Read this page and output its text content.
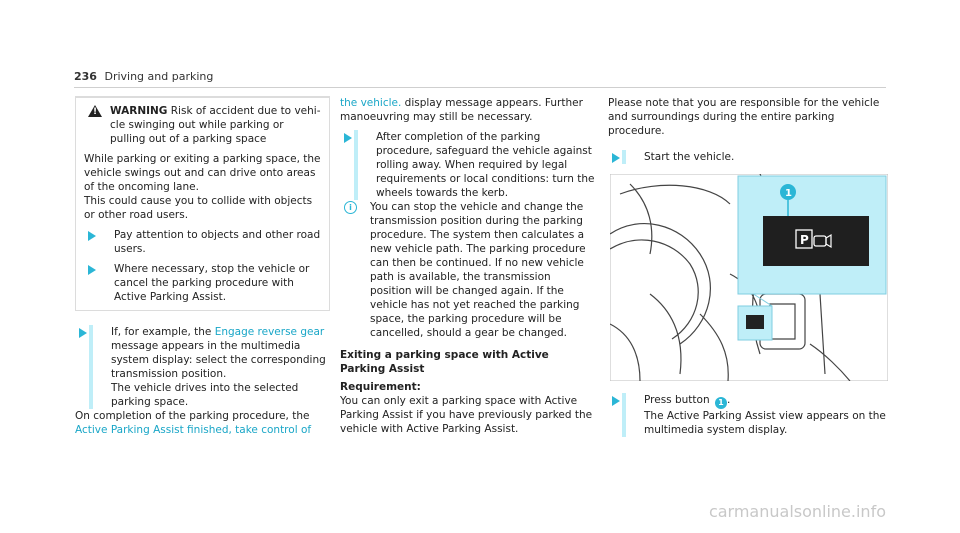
236 Driving and parking
!
WARNING Risk of accident due to vehi-cle swinging out while parking or pulling out of a parking space
While parking or exiting a parking space, the vehicle swings out and can drive onto areas of the oncoming lane.
This could cause you to collide with objects or other road users.
Pay attention to objects and other road users.
Where necessary, stop the vehicle or cancel the parking procedure with Active Parking Assist.
If, for example, the Engage reverse gear message appears in the multimedia system display: select the corresponding transmission position.
The vehicle drives into the selected parking space.
On completion of the parking procedure, the Active Parking Assist finished, take control of
the vehicle. display message appears. Further manoeuvring may still be necessary.
After completion of the parking procedure, safeguard the vehicle against rolling away. When required by legal requirements or local conditions: turn the wheels towards the kerb.
i	You can stop the vehicle and change the transmission position during the parking procedure. The system then calculates a new vehicle path. The parking procedure can then be continued. If no new vehicle path is available, the transmission position will be changed again. If the vehicle has not yet reached the parking space, the parking procedure will be cancelled, should a gear be changed.
Exiting a parking space with Active Parking Assist
Requirement:
You can only exit a parking space with Active Parking Assist if you have previously parked the vehicle with Active Parking Assist.
Please note that you are responsible for the vehicle and surroundings during the entire parking procedure.
Start the vehicle.
P
1
Press button 1 .
The Active Parking Assist view appears on the multimedia system display.
carmanualsonline.info
